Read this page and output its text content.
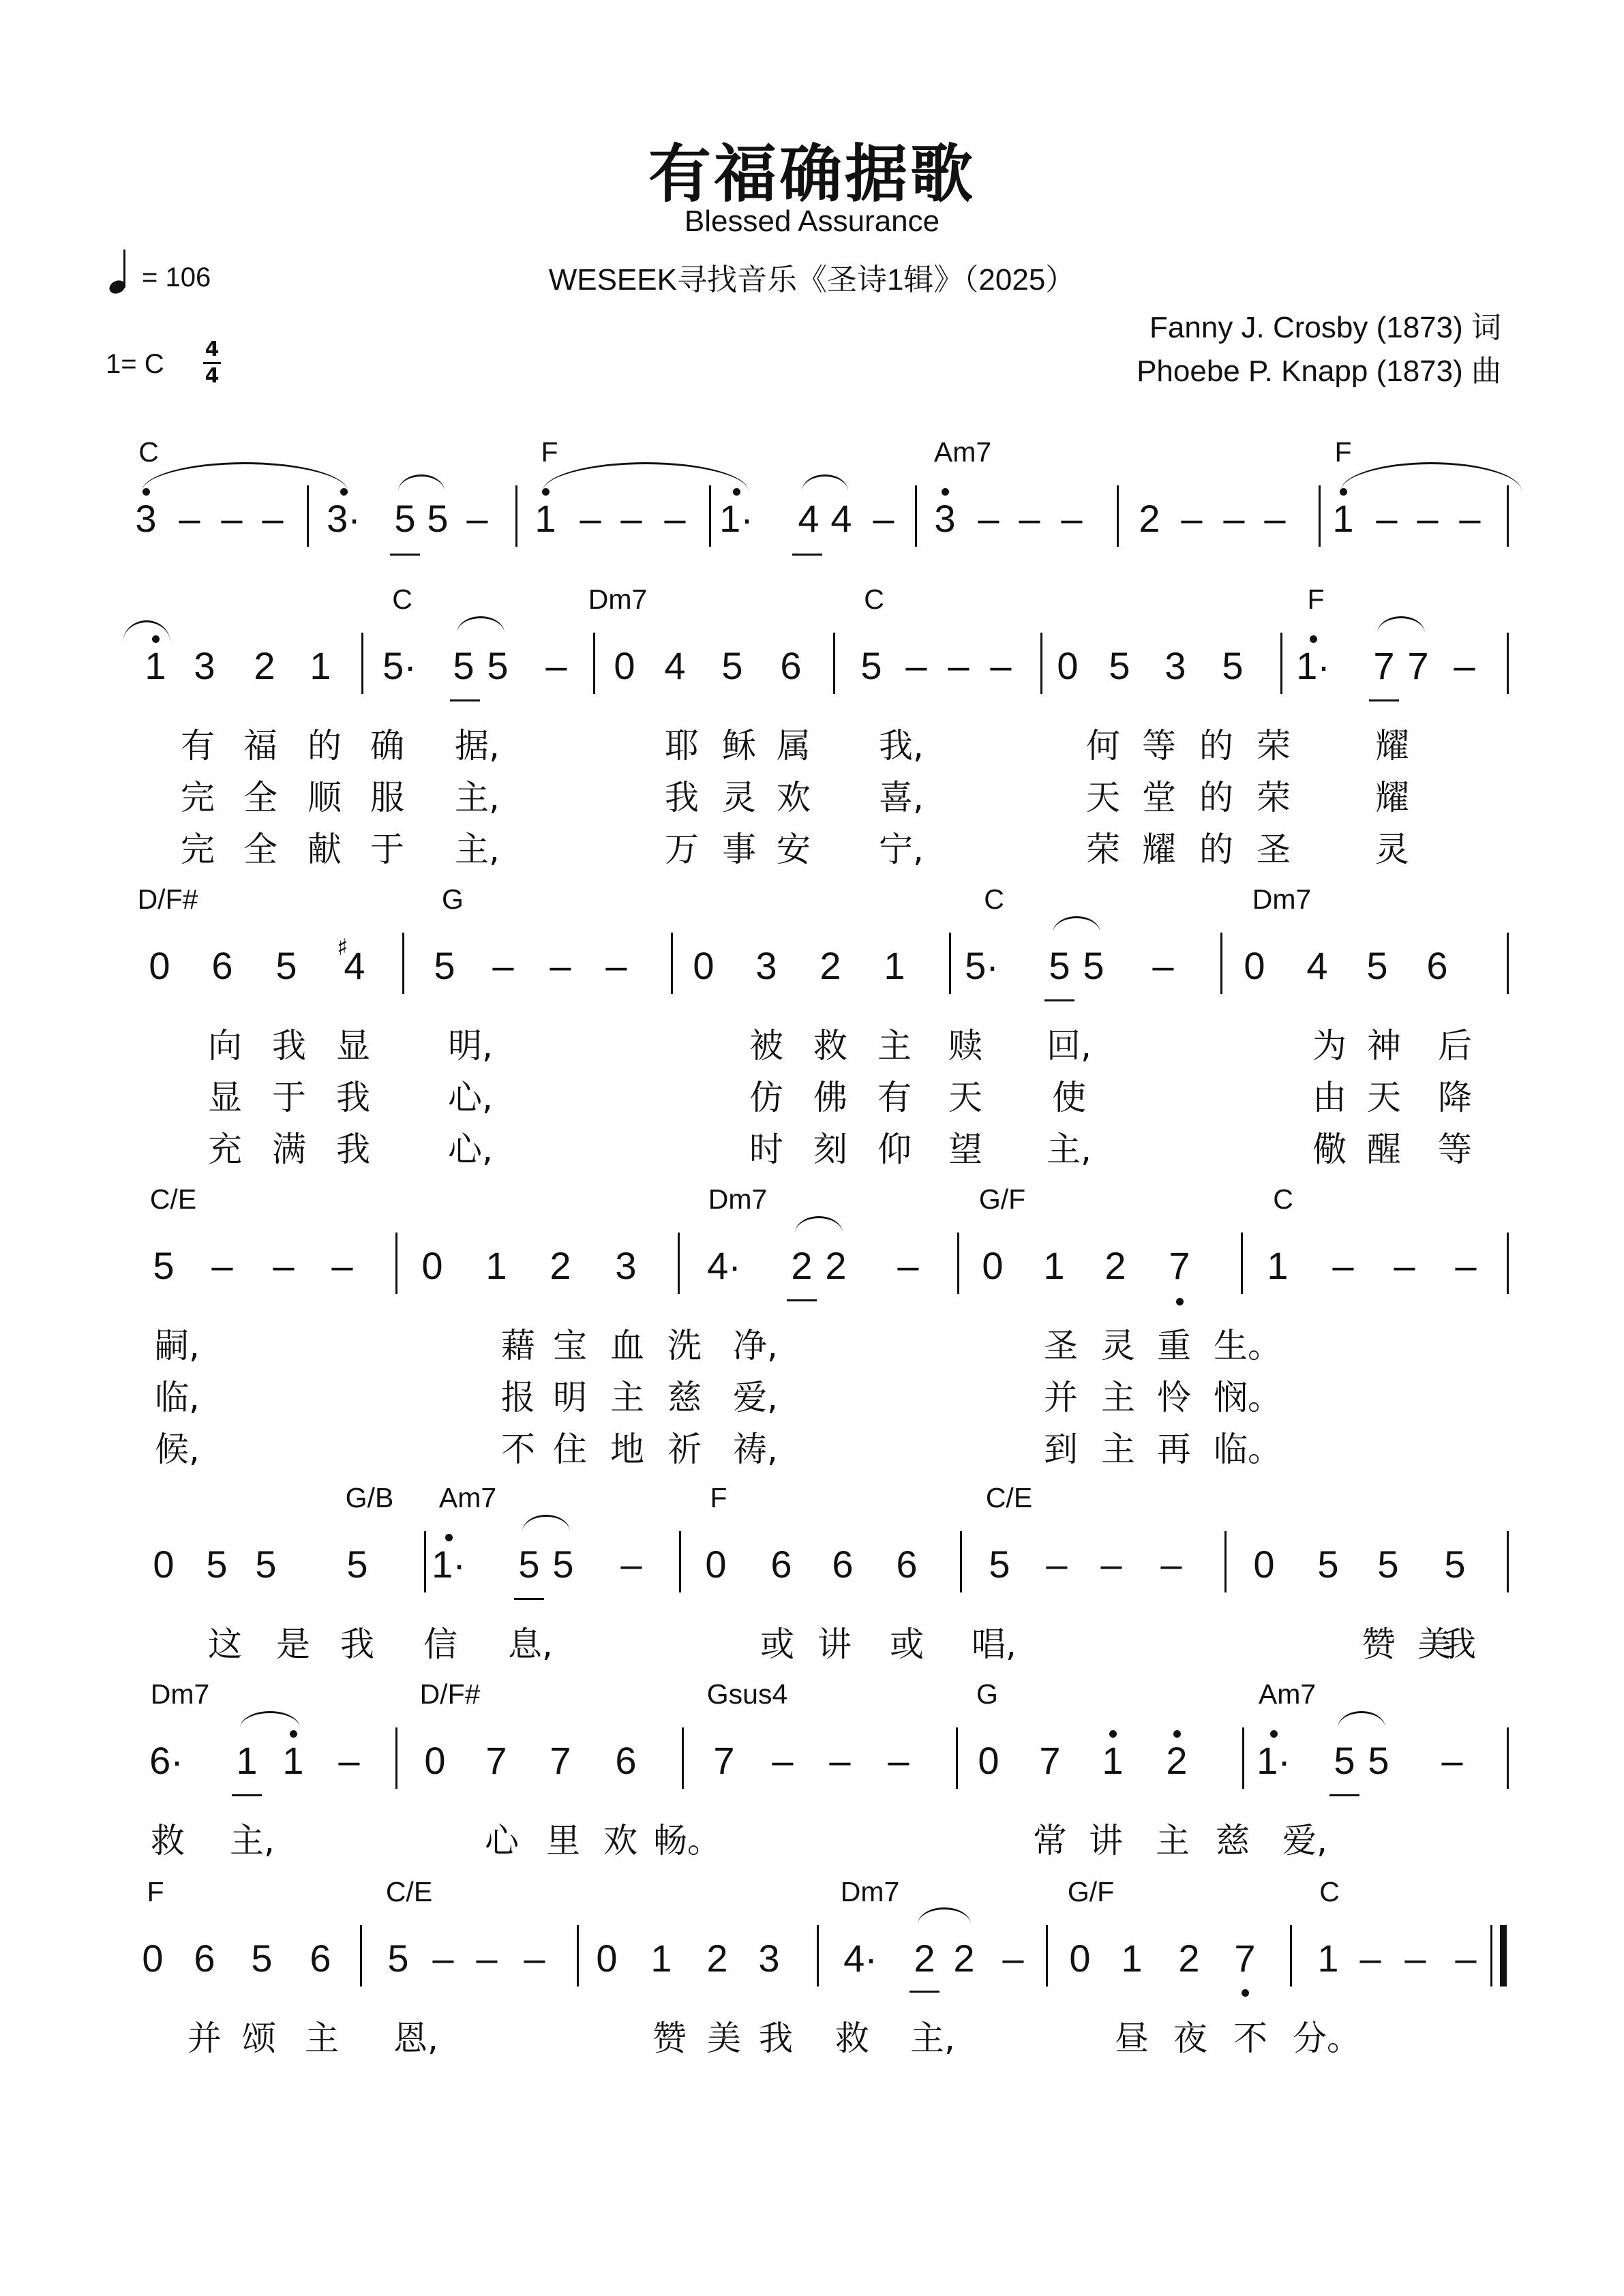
有福确据歌
Blessed Assurance
WESEEK寻找音乐《圣诗1辑》（2025）
Fanny J. Crosby (1873) 词
Phoebe P. Knapp (1873) 曲
= 106
1= C 4
4
C	F	Am7	F
3 – – – 3· 5 5 – 1 – – – 1· 4 4 – 3 – – – 2 – – – 1 – – –
C	Dm7	C	F
1 3 2 1 5· 5 5 – 0 4 5 6 5 – – – 0 5 3 5 1· 7 7 –
有 福 的 确 据,	耶 稣 属 我,	何 等 的 荣 耀
完 全 顺 服 主,	我 灵 欢 喜,	天 堂 的 荣 耀
完 全 献 于 主,	万 事 安 宁,	荣 耀 的 圣 灵
D/F#	G	C	Dm7
0 6 5 4 5 – – – 0 3 2 1 5· 5 5 – 0 4 5 6
♯
向 我 显 明,	被 救 主 赎 回,	为 神 后
显 于 我 心,	仿 佛 有 天 使	由 天 降
充 满 我 心,	时 刻 仰 望 主,	儆 醒 等
C/E	Dm7	G/F	C
5 – – – 0 1 2 3 4· 2 2 – 0 1 2 7 1 – – –
嗣,	藉 宝 血 洗 净,	圣 灵 重 生。
临,	报 明 主 慈 爱,	并 主 怜 悯。
候,	不 住 地 祈 祷,	到 主 再 临。
G/B Am7	F	C/E
0 5 5 5 1· 5 5 – 0 6 6 6 5 – – – 0 5 5 5
这 是 我 信 息,	或 讲 或 唱,	赞 美
我
Dm7	D/F#	Gsus4	G	Am7
6· 1 1 – 0 7 7 6 7 – – – 0 7 1 2 1· 5 5 –
救 主,	心 里 欢 畅。	常 讲 主 慈 爱,
F	C/E	Dm7	G/F	C
0 6 5 6 5 – – – 0 1 2 3 4· 2 2 – 0 1 2 7 1 – – –
并 颂 主 恩,	赞 美 我 救 主,	昼 夜 不 分。
